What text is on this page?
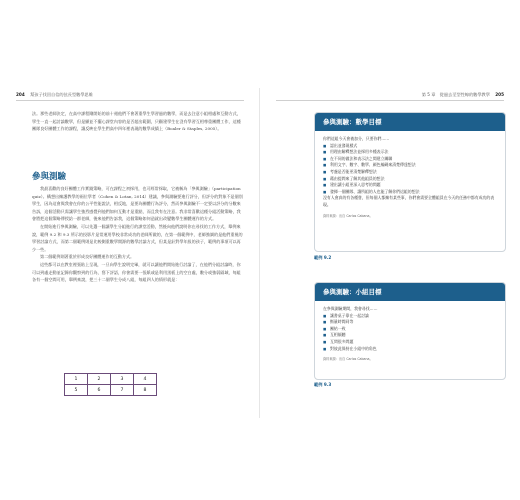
204 幫孩子找回自信的弦長型數學思維

法。那些老師決定，在高中課程剛開始的前十週他們不會著重學生學習過的數學，而是去注意小組相處和互動方式，學生一直一起討論數學，但是顯並不擺心課堂內容的是否超出範圍，只顧建學生在沒有學習互相尊重團體工作，這種團隊良好團體工作的課程，讓反映在學生們高中四年裡表現的數學成績上（Boaler & Staples, 2005）。

參與測驗

我最喜歡的良好團體工作實踐策略，可在課程之初採用，也可經常採取，它被稱為「參與測驗」（participation quiz）。構想出擁護教學的兩位學者（Cohen & Lotan, 2014）建議，參與測驗要進行評分，但評分的對象不是個別學生，因為這會與我會在你的公平性能說法，相反地，是要為團體行為評分，然而參與測驗不一定要以評分的分數來告訴，這個活動只需讓學生強烈感覺到他們如何互動才是重點，而且我有在注意。我非常喜歡這種分組活動策略，我會將把這個策略傳授給一群老師，後來他們告訴我，這個策略如何造就出改變數學生團體運作的方式。

在開始進行參與測驗，可以先選一個讓學生分組進行的課堂活動，然後向他們說明你在尋找的工作方式，舉例來說，範例 9.2 和 9.3 所示的投影片是常運用學校非常成功的老師所做的，在第一個範例中，老師強調的是他們重視的學習討論方式，而第二個範例則是比較側重數學開源的數學討論方式，但某是針對學年級的孩子，範例的事項可以再少一些。

第二個範例則著重於形成良好團體運作的互動方式。

這些都可以在教室裡張貼上呈現，一旦向學生說明完畢，就可以讓他們開始進行討論了，在他們分組討論時，你可以到處走動並記錄你觀察到的行為，寫下評語，你會需要一張紙或是利用黑板上的空白處，數分或強弱隔域，每組各有一個空間可用，舉例來說，把三十二個學生分成八組，每組四人的情形就是：

1	2	3	4
5	6	7	8
第 5 章　從過去至型性線的數學教學 205
參與測驗：數學目標
你們這組今天會被加分，只要你們……
■ 認出並發現樣式
■ 用理由解釋想法並採用多種表示法
■ 在不同的做法和表示法之間建立關聯
■ 利用文字、數字、數學、颜色編碼來清楚傳達想法
■ 考慮是否能更清楚解釋想法
■ 藉由提問來了解其他組員的想法
■ 建出讓小組更深入思考的問題
■ 發揮一個團隊、讓所組的人也能了解你們這組的想法
沒有人會真的有各種嘗，但每個人都擁有某些事，你們會需要全體組員在今天的任務中都有成功的表現。
資料來源：出自 Carlos Cabana。
範例 9.2
參與測驗：小組目標
在參與測驗期間，我會尋找……
■ 讓書桌子靠在一起討論
■ 衡量時間同等
■ 團結一致
■ 互相傾聽
■ 互問很多問題
■ 對彼此保持在小組中的角色
資料來源：出自 Carlos Cabana。
範例 9.3
